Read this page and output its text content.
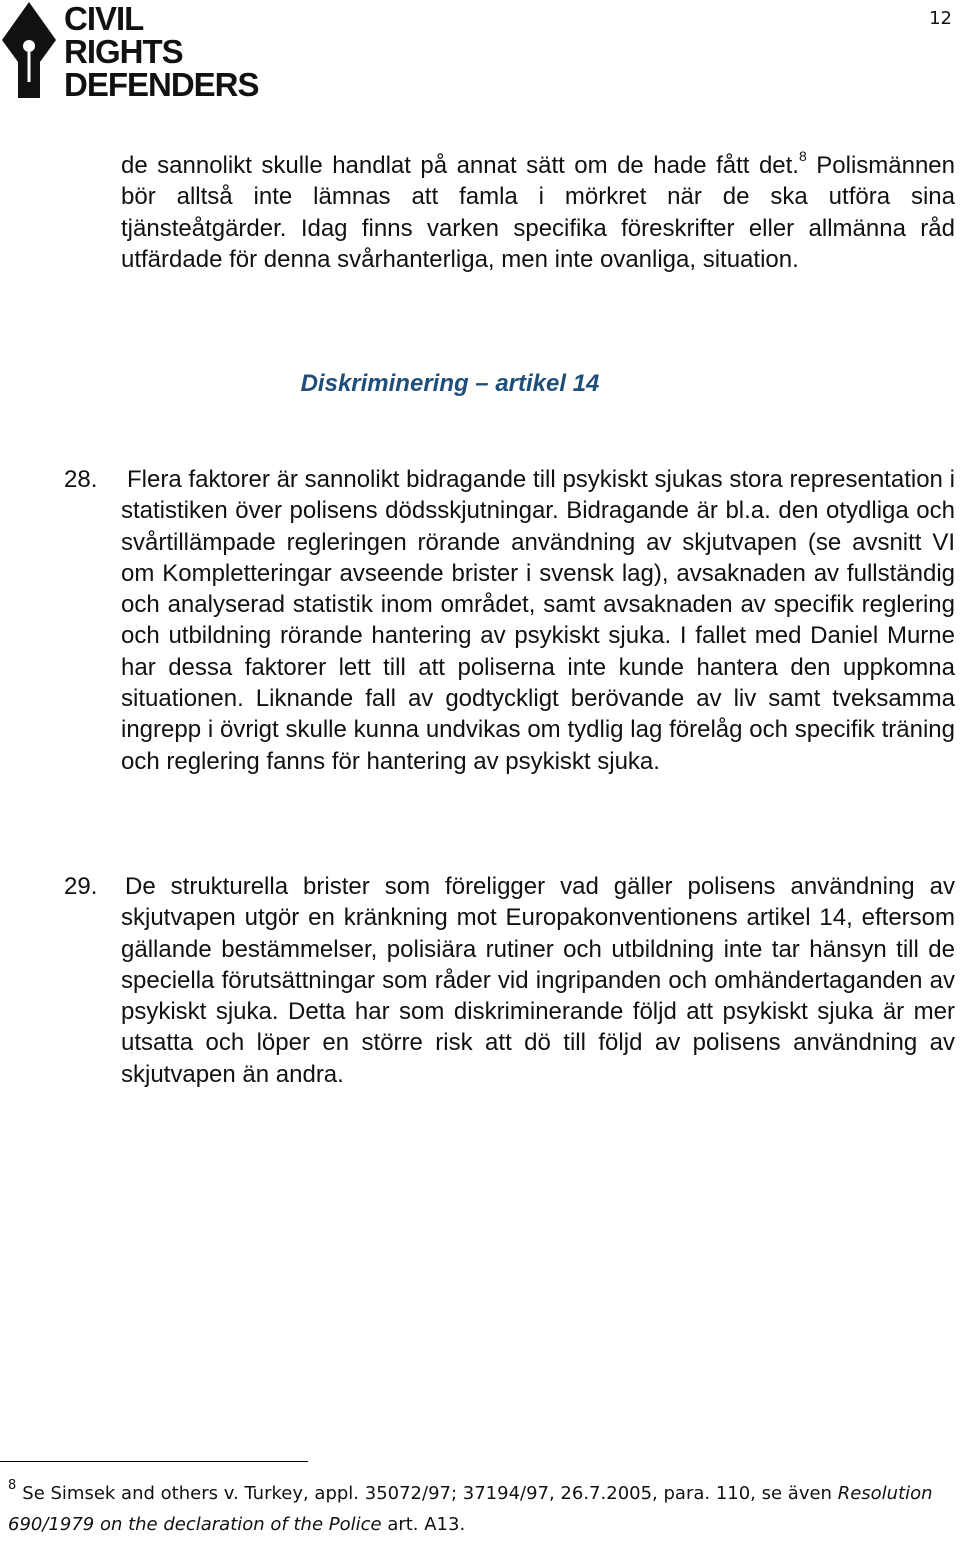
CIVIL
RIGHTS
DEFENDERS
12

de sannolikt skulle handlat på annat sätt om de hade fått det.$^8$ Polismännen bör alltså inte lämnas att famla i mörkret när de ska utföra sina tjänsteåtgärder. Idag finns varken specifika föreskrifter eller allmänna råd utfärdade för denna svårhanterliga, men inte ovanliga, situation.

Diskriminering – artikel 14
28. Flera faktorer är sannolikt bidragande till psykiskt sjukas stora representation i statistiken över polisens dödsskjutningar. Bidragande är bl.a. den otydliga och svårtillämpade regleringen rörande användning av skjutvapen (se avsnitt VI om Kompletteringar avseende brister i svensk lag), avsaknaden av fullständig och analyserad statistik inom området, samt avsaknaden av specifik reglering och utbildning rörande hantering av psykiskt sjuka. I fallet med Daniel Murne har dessa faktorer lett till att poliserna inte kunde hantera den uppkomna situationen. Liknande fall av godtyckligt berövande av liv samt tveksamma ingrepp i övrigt skulle kunna undvikas om tydlig lag förelåg och specifik träning och reglering fanns för hantering av psykiskt sjuka.

29. De strukturella brister som föreligger vad gäller polisens användning av skjutvapen utgör en kränkning mot Europakonventionens artikel 14, eftersom gällande bestämmelser, polisiära rutiner och utbildning inte tar hänsyn till de speciella förutsättningar som råder vid ingripanden och omhändertaganden av psykiskt sjuka. Detta har som diskriminerande följd att psykiskt sjuka är mer utsatta och löper en större risk att dö till följd av polisens användning av skjutvapen än andra.

$^8$ Se Simsek and others v. Turkey, appl. 35072/97; 37194/97, 26.7.2005, para. 110, se även Resolution 690/1979 on the declaration of the Police art. A13.
